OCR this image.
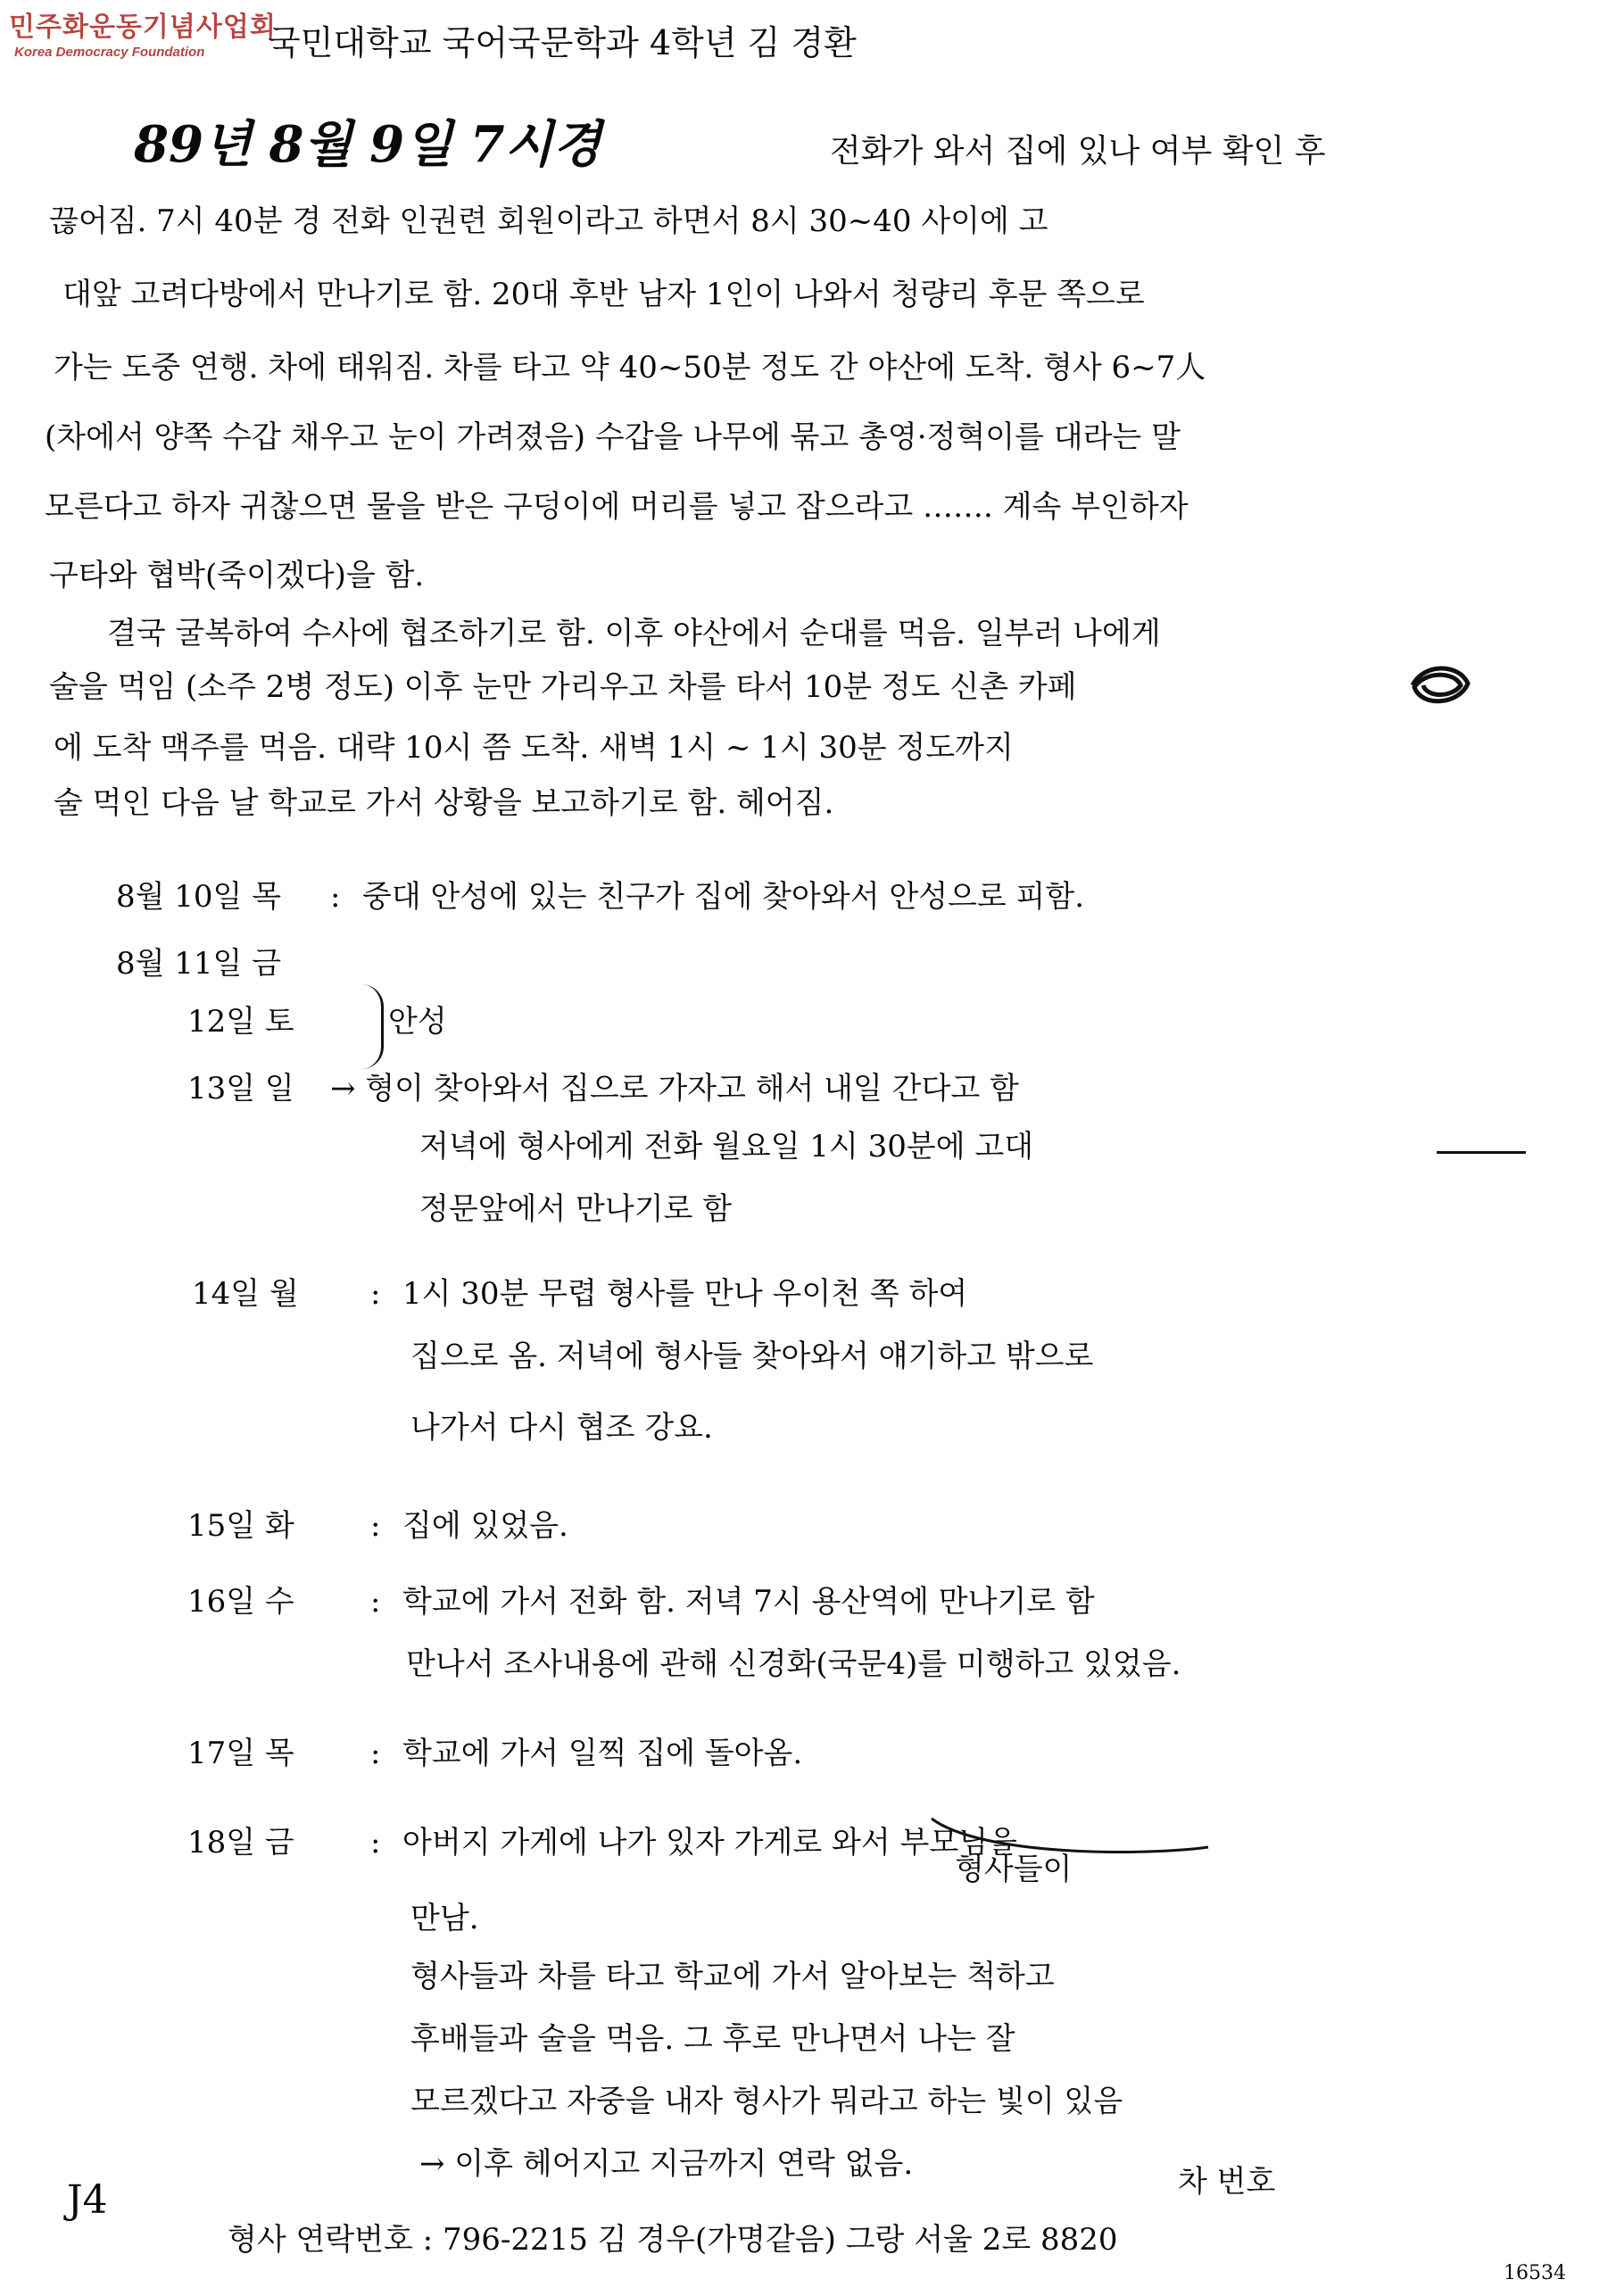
민주화운동기념사업회
Korea Democracy Foundation	국민대학교 국어국문학과 4학년 김 경환
89년 8월 9일 7시경	전화가 와서 집에 있나 여부 확인 후
끊어짐. 7시 40분 경 전화 인권련 회원이라고 하면서 8시 30~40 사이에 고
대앞 고려다방에서 만나기로 함. 20대 후반 남자 1인이 나와서 청량리 후문 쪽으로
가는 도중 연행. 차에 태워짐. 차를 타고 약 40~50분 정도 간 야산에 도착. 형사 6~7人
(차에서 양쪽 수갑 채우고 눈이 가려졌음) 수갑을 나무에 묶고 총영·정혁이를 대라는 말
모른다고 하자 귀찮으면 물을 받은 구덩이에 머리를 넣고 잡으라고 ……. 계속 부인하자
구타와 협박(죽이겠다)을 함.
결국 굴복하여 수사에 협조하기로 함. 이후 야산에서 순대를 먹음. 일부러 나에게
술을 먹임 (소주 2병 정도) 이후 눈만 가리우고 차를 타서 10분 정도 신촌 카페
에 도착 맥주를 먹음. 대략 10시 쯤 도착. 새벽 1시 ~ 1시 30분 정도까지
술 먹인 다음 날 학교로 가서 상황을 보고하기로 함. 헤어짐.
8월 10일 목 : 중대 안성에 있는 친구가 집에 찾아와서 안성으로 피함.
8월 11일 금
12일 토	안성
13일 일 → 형이 찾아와서 집으로 가자고 해서 내일 간다고 함
저녁에 형사에게 전화 월요일 1시 30분에 고대
정문앞에서 만나기로 함
14일 월 : 1시 30분 무렵 형사를 만나 우이천 쪽 하여
집으로 옴. 저녁에 형사들 찾아와서 얘기하고 밖으로
나가서 다시 협조 강요.
15일 화	: 집에 있었음.
16일 수	: 학교에 가서 전화 함. 저녁 7시 용산역에 만나기로 함
만나서 조사내용에 관해 신경화(국문4)를 미행하고 있었음.
17일 목	: 학교에 가서 일찍 집에 돌아옴.
18일 금	: 아버지 가게에 나가 있자 가게로 와서 부모님을
형사들이
만남.
형사들과 차를 타고 학교에 가서 알아보는 척하고
후배들과 술을 먹음. 그 후로 만나면서 나는 잘
모르겠다고 자중을 내자 형사가 뭐라고 하는 빛이 있음
→ 이후 헤어지고 지금까지 연락 없음.	차 번호
J4
형사 연락번호 : 796-2215 김 경우(가명같음) 그랑 서울 2로 8820
16534
